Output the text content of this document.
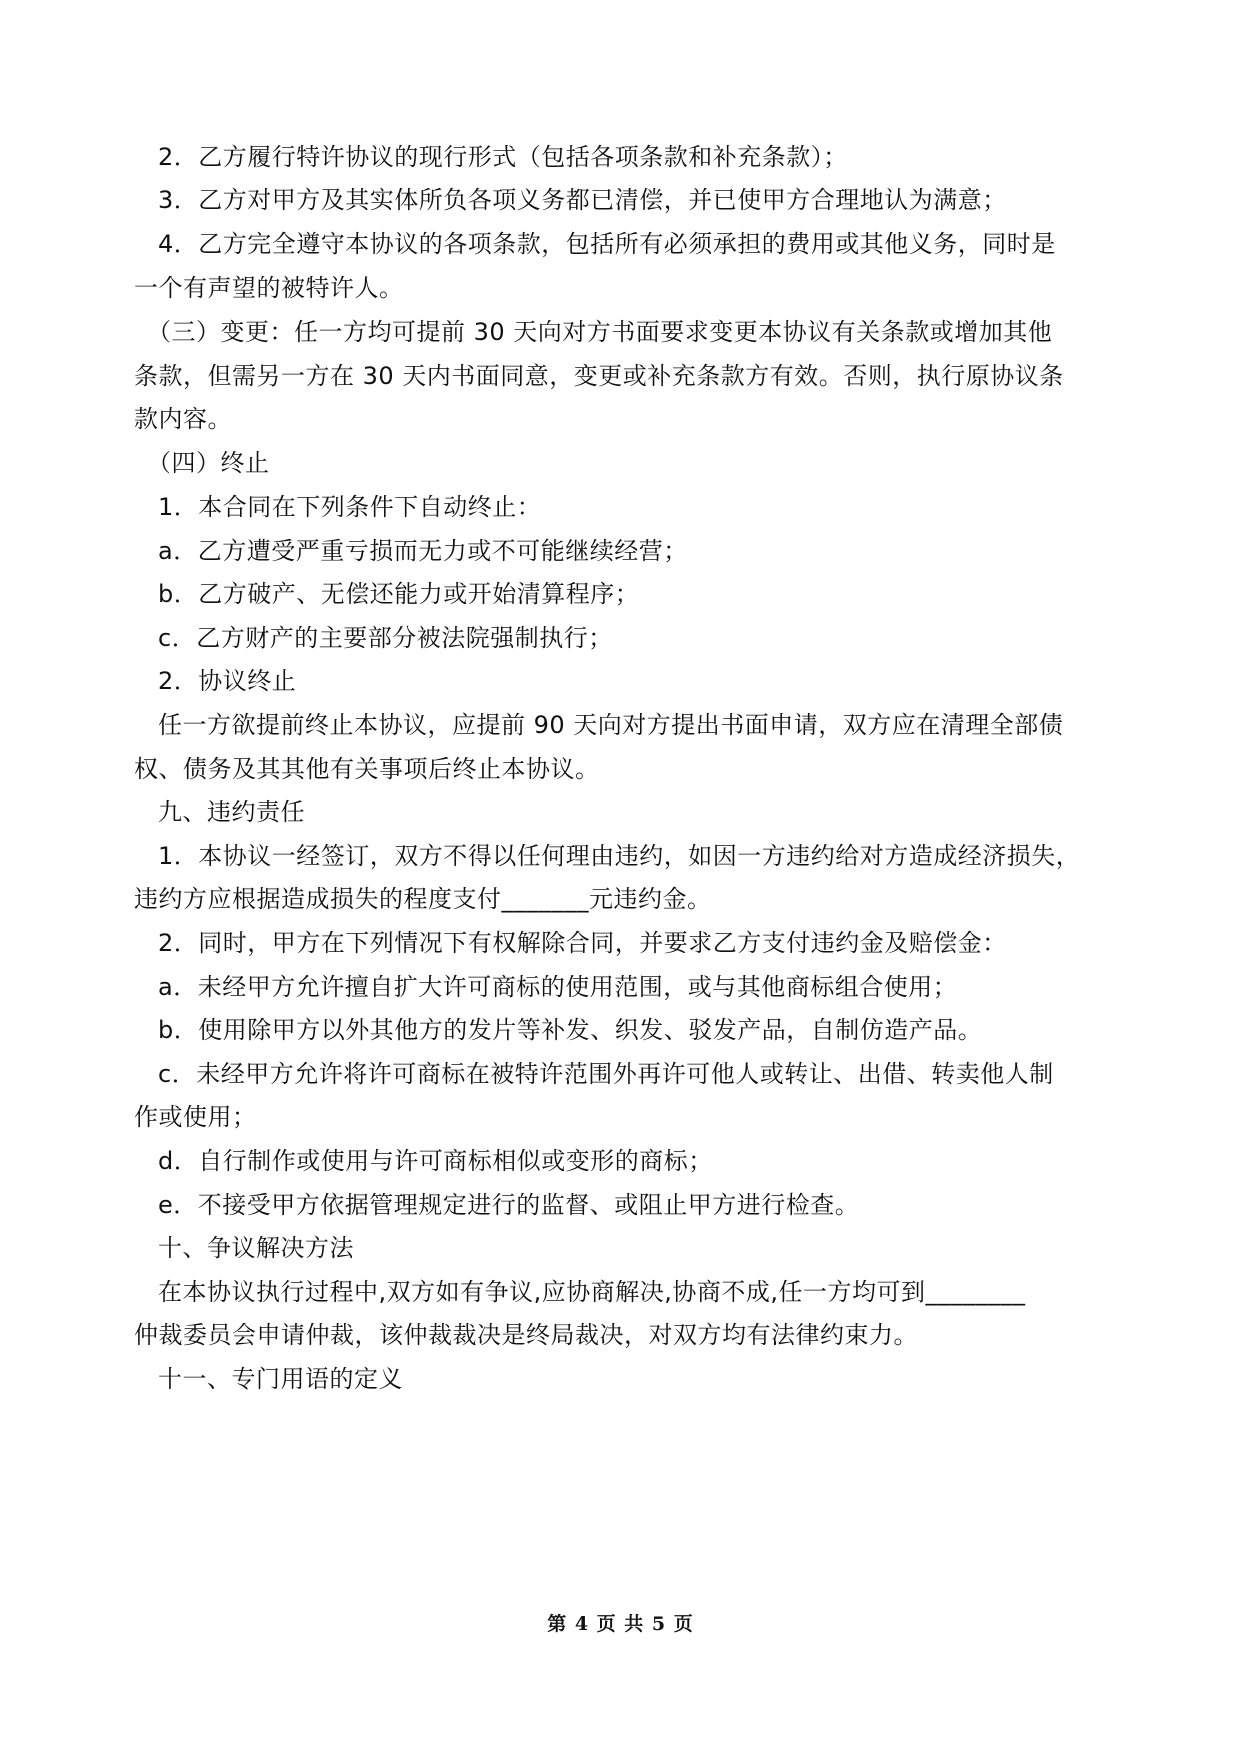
2．乙方履行特许协议的现行形式（包括各项条款和补充条款）；
3．乙方对甲方及其实体所负各项义务都已清偿，并已使甲方合理地认为满意；
4．乙方完全遵守本协议的各项条款，包括所有必须承担的费用或其他义务，同时是
一个有声望的被特许人。
（三）变更：任一方均可提前 30 天向对方书面要求变更本协议有关条款或增加其他
条款，但需另一方在 30 天内书面同意，变更或补充条款方有效。否则，执行原协议条
款内容。
（四）终止
1．本合同在下列条件下自动终止：
a．乙方遭受严重亏损而无力或不可能继续经营；
b．乙方破产、无偿还能力或开始清算程序；
c．乙方财产的主要部分被法院强制执行；
2．协议终止
任一方欲提前终止本协议，应提前 90 天向对方提出书面申请，双方应在清理全部债
权、债务及其其他有关事项后终止本协议。
九、违约责任
1．本协议一经签订，双方不得以任何理由违约，如因一方违约给对方造成经济损失，
违约方应根据造成损失的程度支付_______元违约金。
2．同时，甲方在下列情况下有权解除合同，并要求乙方支付违约金及赔偿金：
a．未经甲方允许擅自扩大许可商标的使用范围，或与其他商标组合使用；
b．使用除甲方以外其他方的发片等补发、织发、驳发产品，自制仿造产品。
c．未经甲方允许将许可商标在被特许范围外再许可他人或转让、出借、转卖他人制
作或使用；
d．自行制作或使用与许可商标相似或变形的商标；
e．不接受甲方依据管理规定进行的监督、或阻止甲方进行检查。
十、争议解决方法
在本协议执行过程中,双方如有争议,应协商解决,协商不成,任一方均可到________
仲裁委员会申请仲裁，该仲裁裁决是终局裁决，对双方均有法律约束力。
十一、专门用语的定义
第 4 页 共 5 页
